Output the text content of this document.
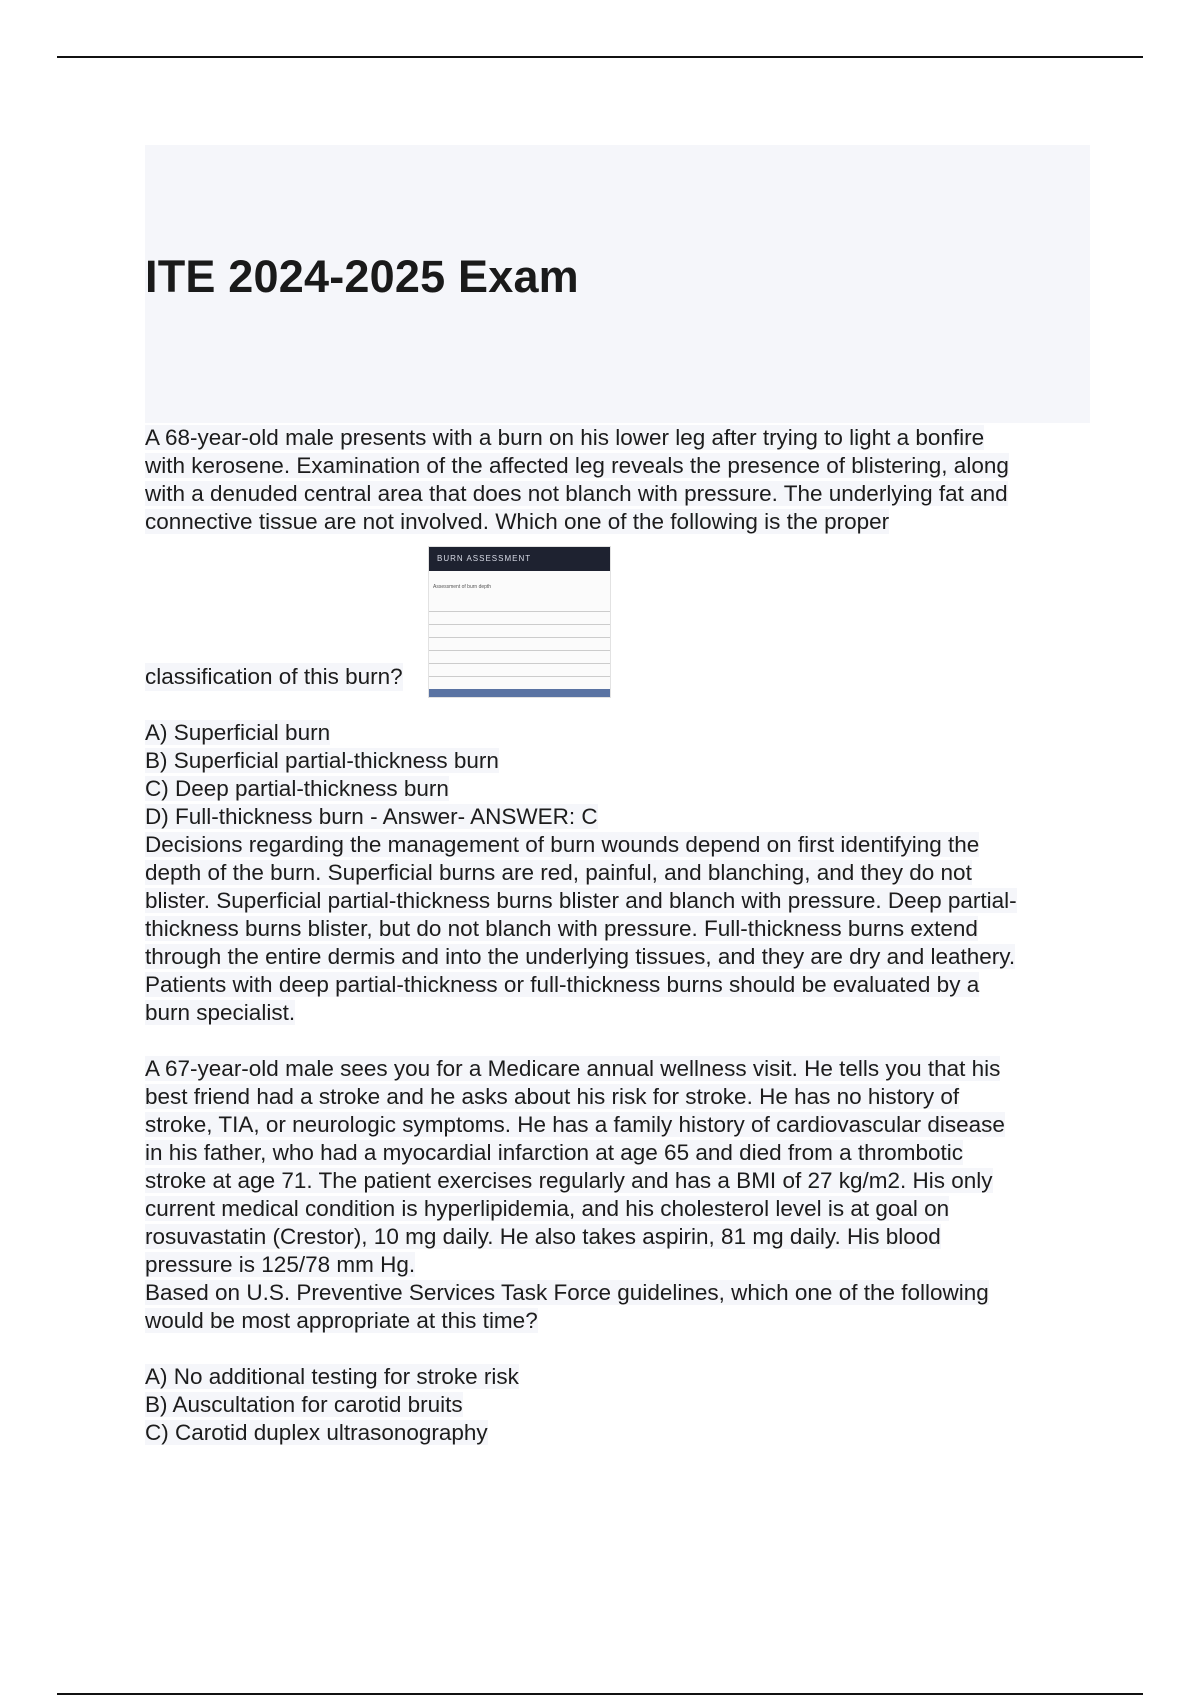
ITE 2024-2025 Exam

A 68-year-old male presents with a burn on his lower leg after trying to light a bonfire

with kerosene. Examination of the affected leg reveals the presence of blistering, along

with a denuded central area that does not blanch with pressure. The underlying fat and

connective tissue are not involved. Which one of the following is the proper

classification of this burn?
BURN ASSESSMENT
Assessment of burn depth

A) Superficial burn

B) Superficial partial-thickness burn

C) Deep partial-thickness burn

D) Full-thickness burn - Answer- ANSWER: C

Decisions regarding the management of burn wounds depend on first identifying the

depth of the burn. Superficial burns are red, painful, and blanching, and they do not

blister. Superficial partial-thickness burns blister and blanch with pressure. Deep partial-

thickness burns blister, but do not blanch with pressure. Full-thickness burns extend

through the entire dermis and into the underlying tissues, and they are dry and leathery.

Patients with deep partial-thickness or full-thickness burns should be evaluated by a

burn specialist.

A 67-year-old male sees you for a Medicare annual wellness visit. He tells you that his

best friend had a stroke and he asks about his risk for stroke. He has no history of

stroke, TIA, or neurologic symptoms. He has a family history of cardiovascular disease

in his father, who had a myocardial infarction at age 65 and died from a thrombotic

stroke at age 71. The patient exercises regularly and has a BMI of 27 kg/m2. His only

current medical condition is hyperlipidemia, and his cholesterol level is at goal on

rosuvastatin (Crestor), 10 mg daily. He also takes aspirin, 81 mg daily. His blood

pressure is 125/78 mm Hg.

Based on U.S. Preventive Services Task Force guidelines, which one of the following

would be most appropriate at this time?

A) No additional testing for stroke risk

B) Auscultation for carotid bruits

C) Carotid duplex ultrasonography
